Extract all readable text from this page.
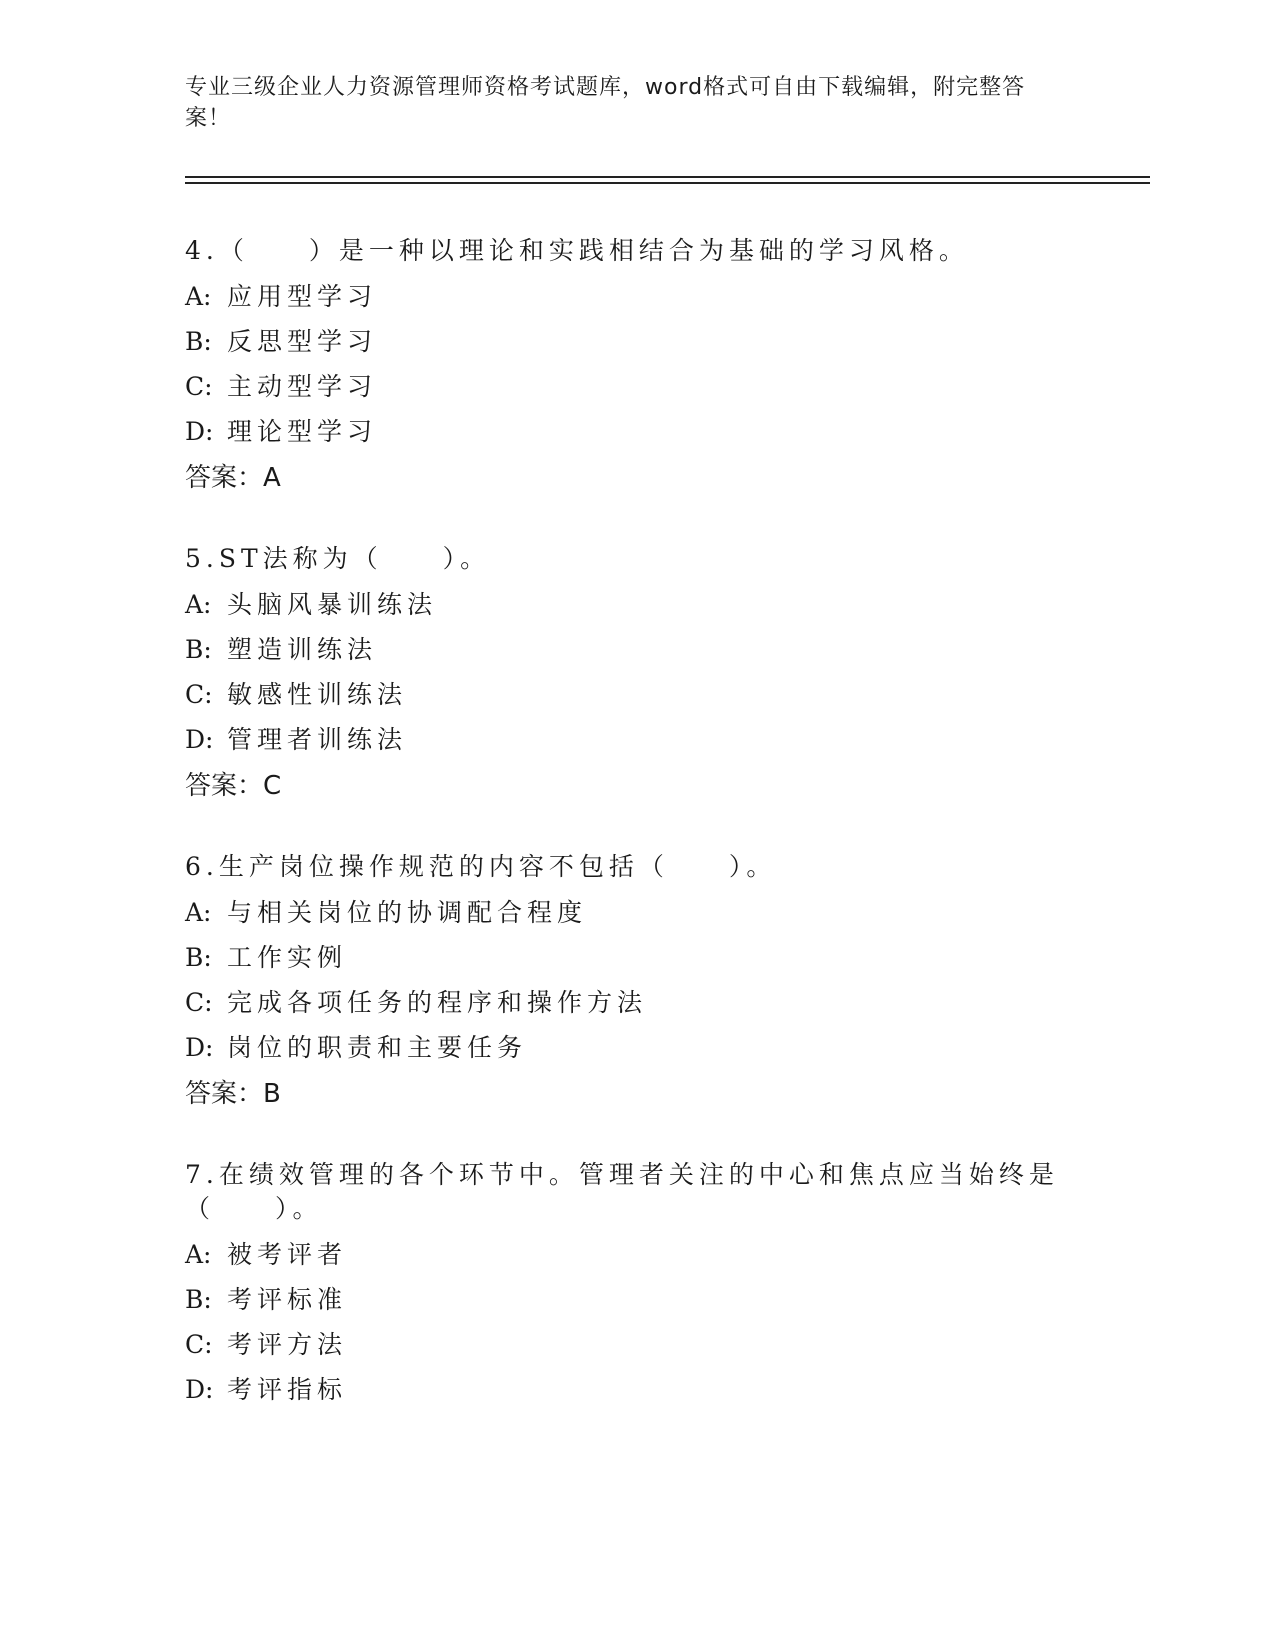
专业三级企业人力资源管理师资格考试题库，word格式可自由下载编辑，附完整答案！
4.（　　）是一种以理论和实践相结合为基础的学习风格。
A: 应用型学习
B: 反思型学习
C: 主动型学习
D: 理论型学习
答案：A
5.ST法称为（　　）。
A: 头脑风暴训练法
B: 塑造训练法
C: 敏感性训练法
D: 管理者训练法
答案：C
6.生产岗位操作规范的内容不包括（　　）。
A: 与相关岗位的协调配合程度
B: 工作实例
C: 完成各项任务的程序和操作方法
D: 岗位的职责和主要任务
答案：B
7.在绩效管理的各个环节中。管理者关注的中心和焦点应当始终是（　　）。
A: 被考评者
B: 考评标准
C: 考评方法
D: 考评指标
